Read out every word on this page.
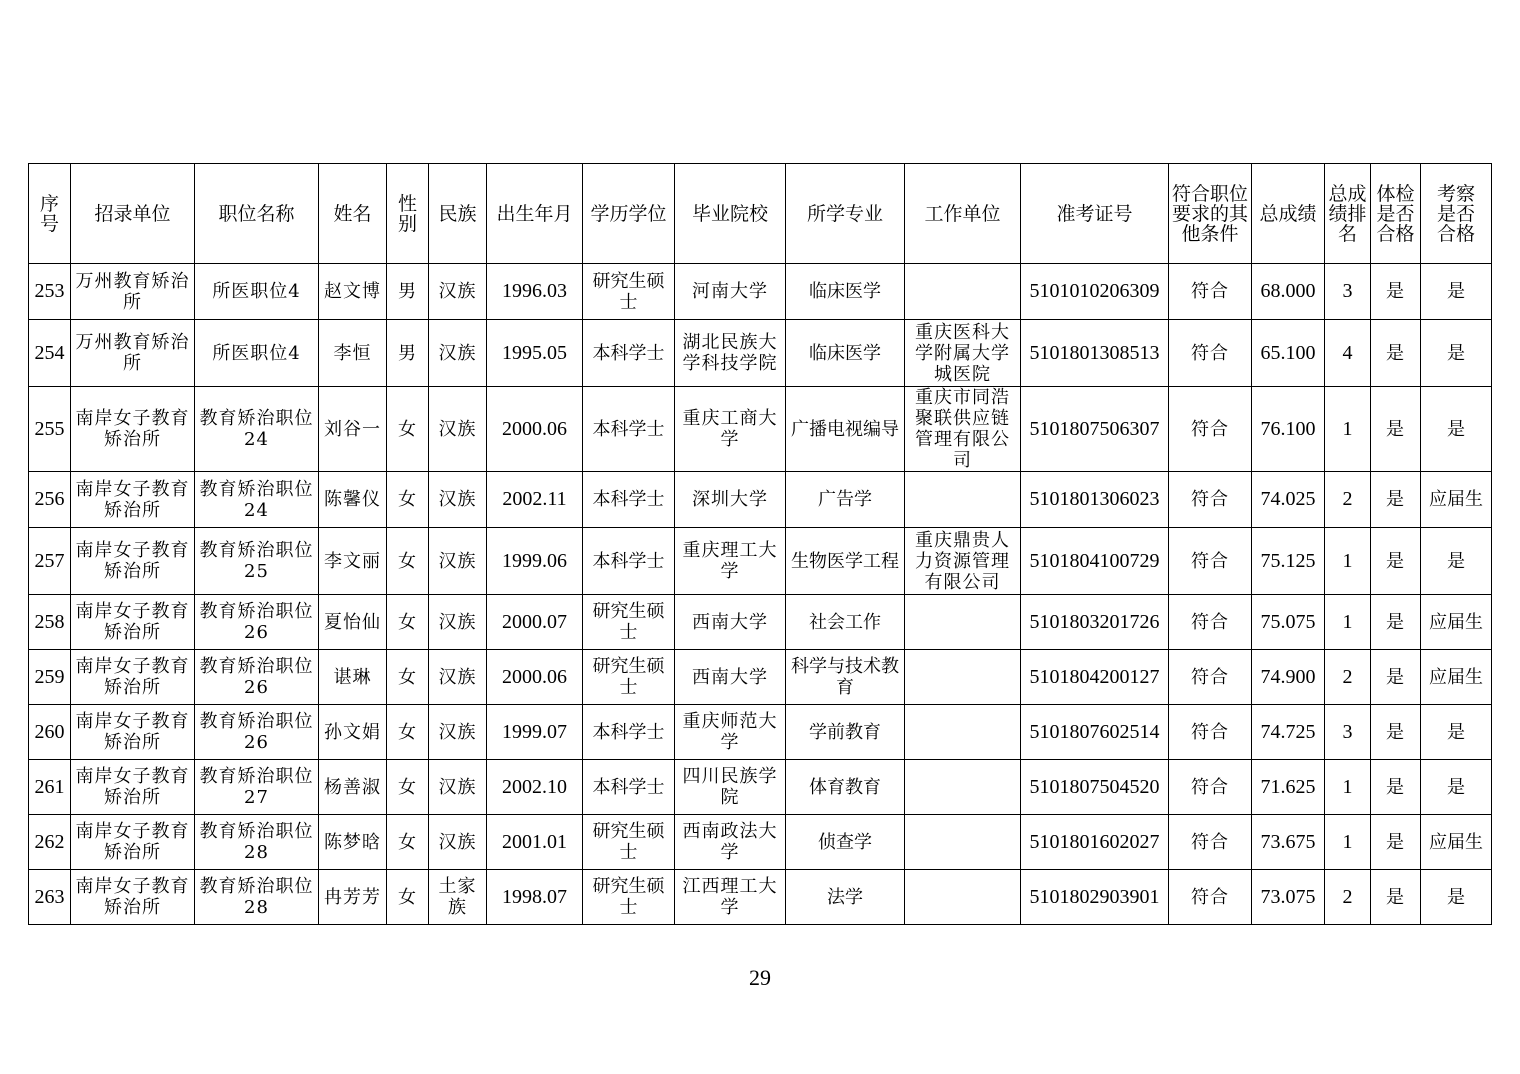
序号	招录单位	职位名称	姓名	性别	民族	出生年月	学历学位	毕业院校	所学专业	工作单位	准考证号	符合职位要求的其他条件	总成绩	总成绩排名	体检是否合格	考察是否合格
253	万州教育矫治所	所医职位4	赵文博	男	汉族	1996.03	研究生硕士	河南大学	临床医学		5101010206309	符合	68.000	3	是	是
254	万州教育矫治所	所医职位4	李恒	男	汉族	1995.05	本科学士	湖北民族大学科技学院	临床医学	重庆医科大学附属大学城医院	5101801308513	符合	65.100	4	是	是
255	南岸女子教育矫治所	教育矫治职位24	刘谷一	女	汉族	2000.06	本科学士	重庆工商大学	广播电视编导	重庆市同浩聚联供应链管理有限公司	5101807506307	符合	76.100	1	是	是
256	南岸女子教育矫治所	教育矫治职位24	陈馨仪	女	汉族	2002.11	本科学士	深圳大学	广告学		5101801306023	符合	74.025	2	是	应届生
257	南岸女子教育矫治所	教育矫治职位25	李文丽	女	汉族	1999.06	本科学士	重庆理工大学	生物医学工程	重庆鼎贵人力资源管理有限公司	5101804100729	符合	75.125	1	是	是
258	南岸女子教育矫治所	教育矫治职位26	夏怡仙	女	汉族	2000.07	研究生硕士	西南大学	社会工作		5101803201726	符合	75.075	1	是	应届生
259	南岸女子教育矫治所	教育矫治职位26	谌琳	女	汉族	2000.06	研究生硕士	西南大学	科学与技术教育		5101804200127	符合	74.900	2	是	应届生
260	南岸女子教育矫治所	教育矫治职位26	孙文娟	女	汉族	1999.07	本科学士	重庆师范大学	学前教育		5101807602514	符合	74.725	3	是	是
261	南岸女子教育矫治所	教育矫治职位27	杨善淑	女	汉族	2002.10	本科学士	四川民族学院	体育教育		5101807504520	符合	71.625	1	是	是
262	南岸女子教育矫治所	教育矫治职位28	陈梦晗	女	汉族	2001.01	研究生硕士	西南政法大学	侦查学		5101801602027	符合	73.675	1	是	应届生
263	南岸女子教育矫治所	教育矫治职位28	冉芳芳	女	土家族	1998.07	研究生硕士	江西理工大学	法学		5101802903901	符合	73.075	2	是	是
29
